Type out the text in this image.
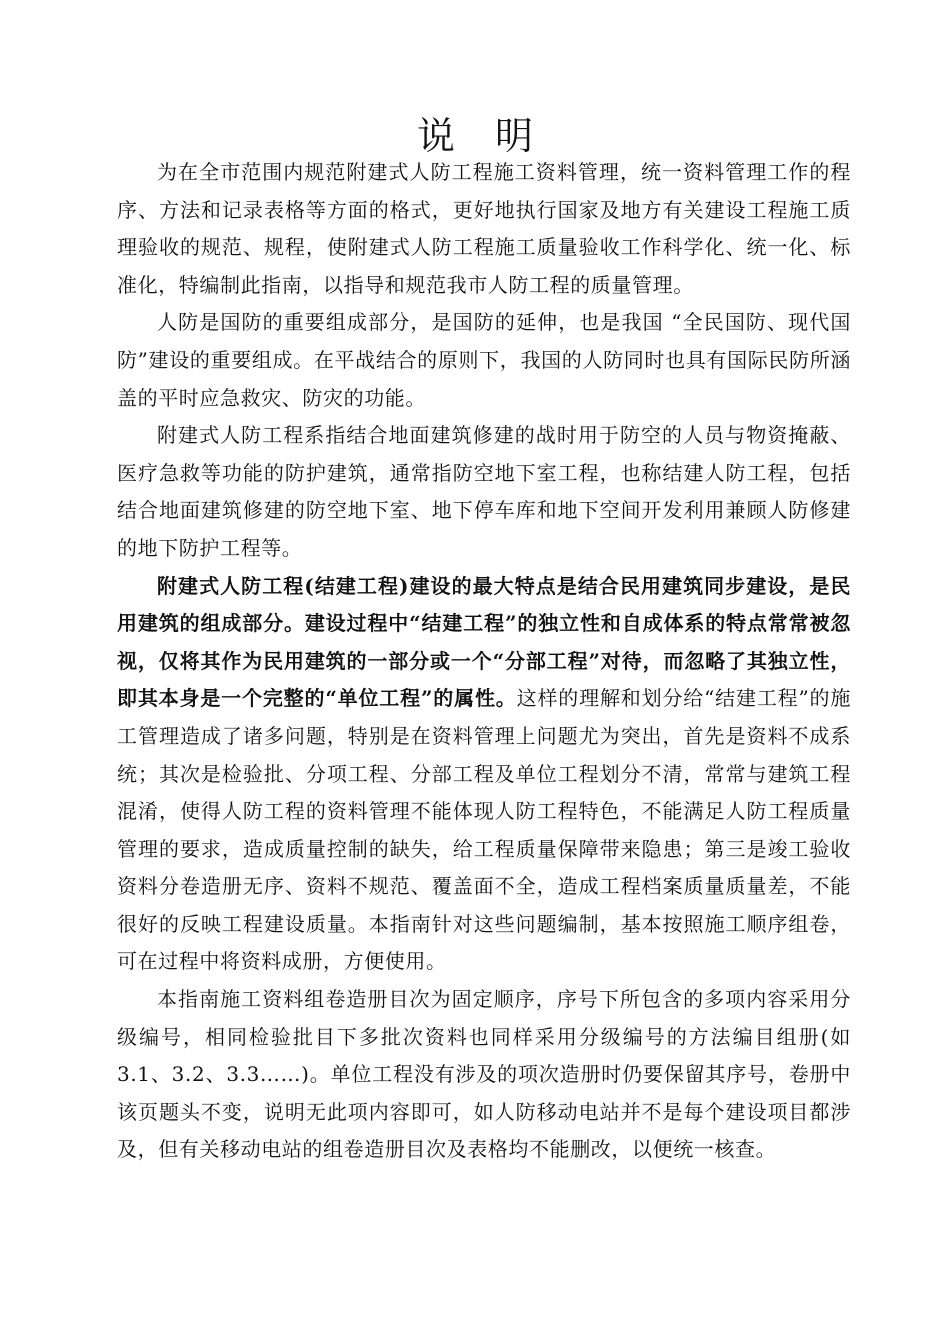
说明

为在全市范围内规范附建式人防工程施工资料管理，统一资料管理工作的程序、方法和记录表格等方面的格式，更好地执行国家及地方有关建设工程施工质理验收的规范、规程，使附建式人防工程施工质量验收工作科学化、统一化、标准化，特编制此指南，以指导和规范我市人防工程的质量管理。

人防是国防的重要组成部分，是国防的延伸，也是我国 “全民国防、现代国防”建设的重要组成。在平战结合的原则下，我国的人防同时也具有国际民防所涵盖的平时应急救灾、防灾的功能。

附建式人防工程系指结合地面建筑修建的战时用于防空的人员与物资掩蔽、医疗急救等功能的防护建筑，通常指防空地下室工程，也称结建人防工程，包括结合地面建筑修建的防空地下室、地下停车库和地下空间开发利用兼顾人防修建的地下防护工程等。

附建式人防工程(结建工程)建设的最大特点是结合民用建筑同步建设，是民用建筑的组成部分。建设过程中“结建工程”的独立性和自成体系的特点常常被忽视，仅将其作为民用建筑的一部分或一个“分部工程”对待，而忽略了其独立性，即其本身是一个完整的“单位工程”的属性。这样的理解和划分给“结建工程”的施工管理造成了诸多问题，特别是在资料管理上问题尤为突出，首先是资料不成系统；其次是检验批、分项工程、分部工程及单位工程划分不清，常常与建筑工程混淆，使得人防工程的资料管理不能体现人防工程特色，不能满足人防工程质量管理的要求，造成质量控制的缺失，给工程质量保障带来隐患；第三是竣工验收资料分卷造册无序、资料不规范、覆盖面不全，造成工程档案质量质量差，不能很好的反映工程建设质量。本指南针对这些问题编制，基本按照施工顺序组卷，可在过程中将资料成册，方便使用。

本指南施工资料组卷造册目次为固定顺序，序号下所包含的多项内容采用分级编号，相同检验批目下多批次资料也同样采用分级编号的方法编目组册(如3.1、3.2、3.3……)。单位工程没有涉及的项次造册时仍要保留其序号，卷册中该页题头不变，说明无此项内容即可，如人防移动电站并不是每个建设项目都涉及，但有关移动电站的组卷造册目次及表格均不能删改，以便统一核查。
